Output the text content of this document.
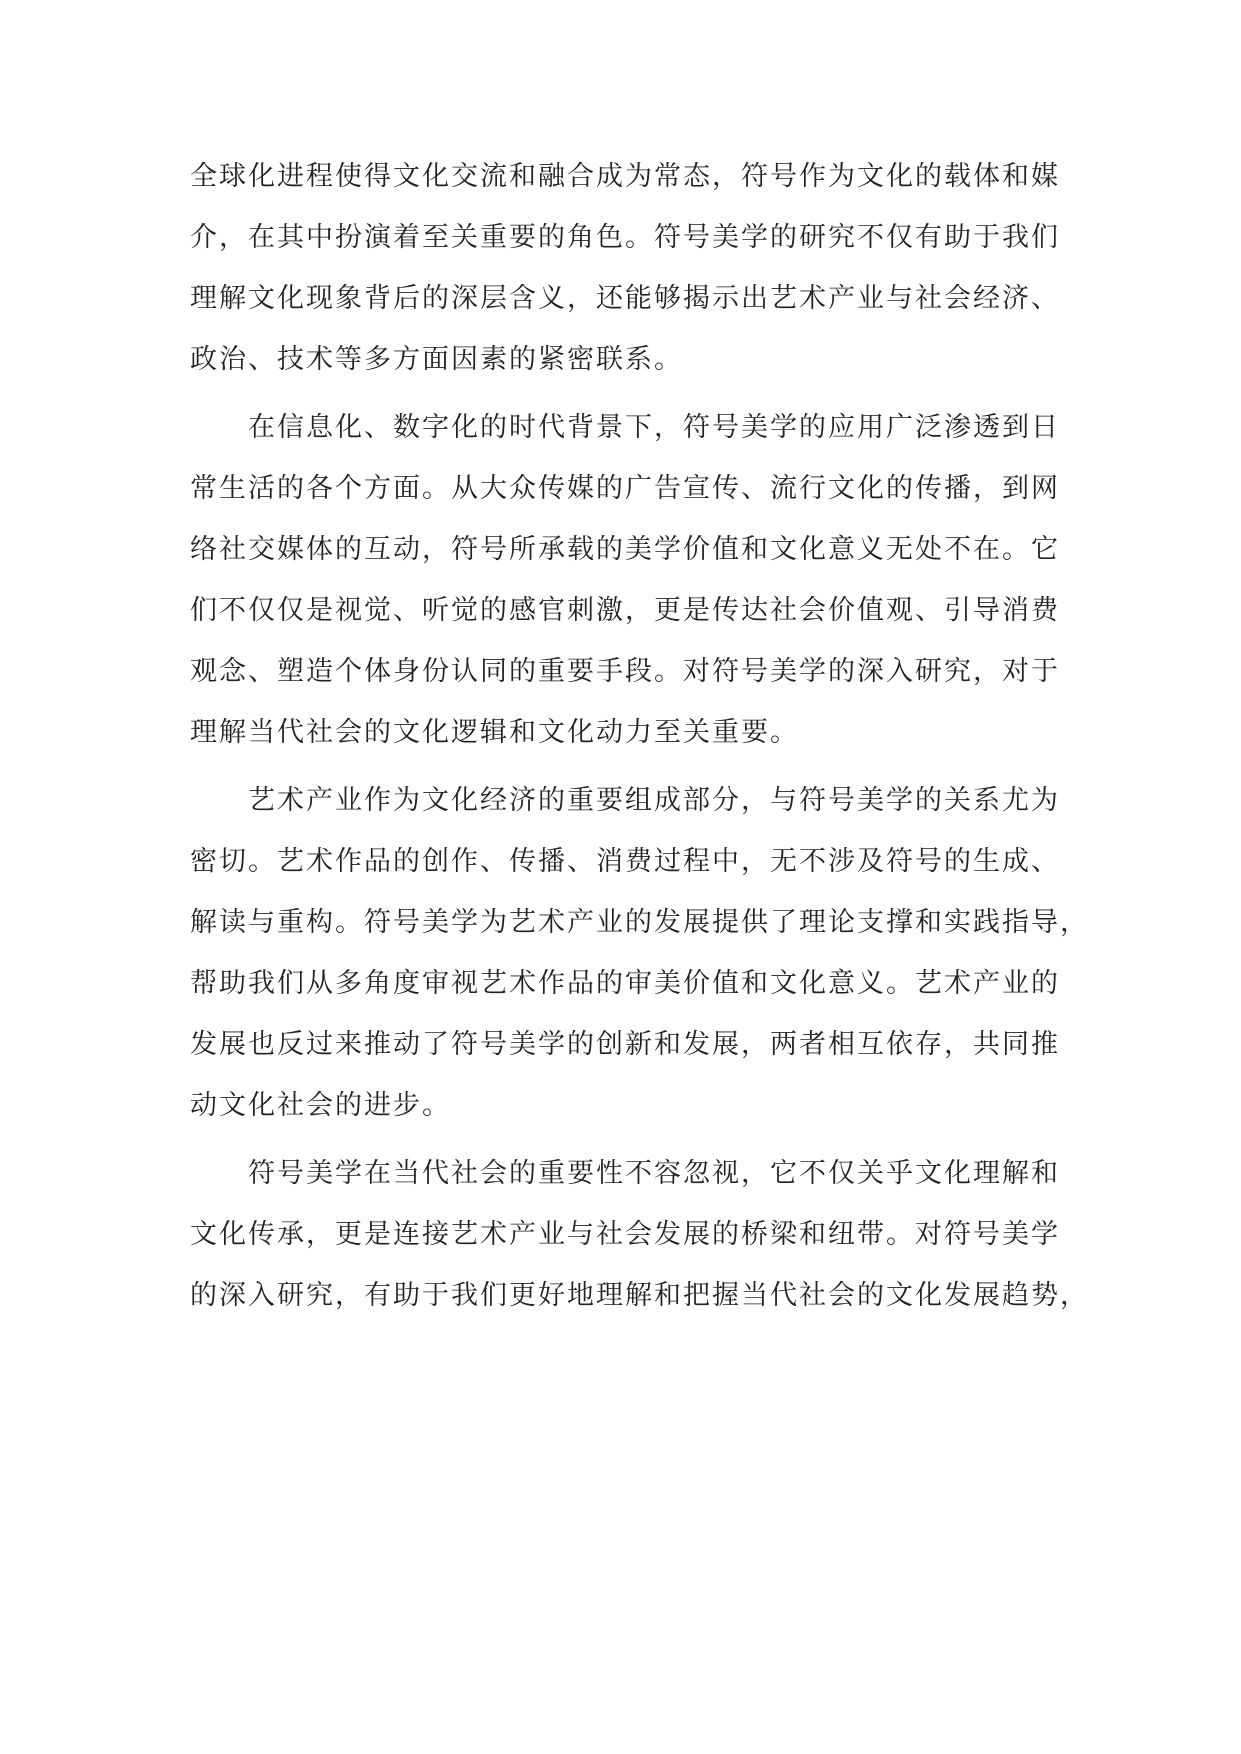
全球化进程使得文化交流和融合成为常态，符号作为文化的载体和媒
介，在其中扮演着至关重要的角色。符号美学的研究不仅有助于我们
理解文化现象背后的深层含义，还能够揭示出艺术产业与社会经济、
政治、技术等多方面因素的紧密联系。
在信息化、数字化的时代背景下，符号美学的应用广泛渗透到日
常生活的各个方面。从大众传媒的广告宣传、流行文化的传播，到网
络社交媒体的互动，符号所承载的美学价值和文化意义无处不在。它
们不仅仅是视觉、听觉的感官刺激，更是传达社会价值观、引导消费
观念、塑造个体身份认同的重要手段。对符号美学的深入研究，对于
理解当代社会的文化逻辑和文化动力至关重要。
艺术产业作为文化经济的重要组成部分，与符号美学的关系尤为
密切。艺术作品的创作、传播、消费过程中，无不涉及符号的生成、
解读与重构。符号美学为艺术产业的发展提供了理论支撑和实践指导，
帮助我们从多角度审视艺术作品的审美价值和文化意义。艺术产业的
发展也反过来推动了符号美学的创新和发展，两者相互依存，共同推
动文化社会的进步。
符号美学在当代社会的重要性不容忽视，它不仅关乎文化理解和
文化传承，更是连接艺术产业与社会发展的桥梁和纽带。对符号美学
的深入研究，有助于我们更好地理解和把握当代社会的文化发展趋势，
